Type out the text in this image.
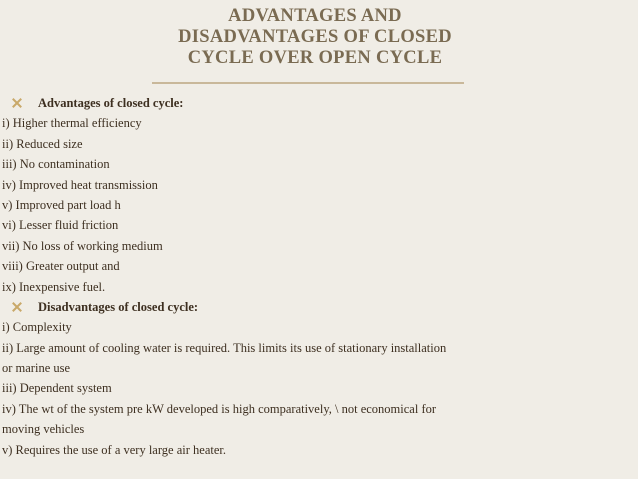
ADVANTAGES AND
DISADVANTAGES OF CLOSED
CYCLE OVER OPEN CYCLE
Advantages of closed cycle:
i) Higher thermal efficiency
ii) Reduced size
iii) No contamination
iv) Improved heat transmission
v) Improved part load h
vi) Lesser fluid friction
vii) No loss of working medium
viii) Greater output and
ix) Inexpensive fuel.
Disadvantages of closed cycle:
i) Complexity
ii) Large amount of cooling water is required. This limits its use of stationary installation
or marine use
iii) Dependent system
iv) The wt of the system pre kW developed is high comparatively, \ not economical for
moving vehicles
v) Requires the use of a very large air heater.
